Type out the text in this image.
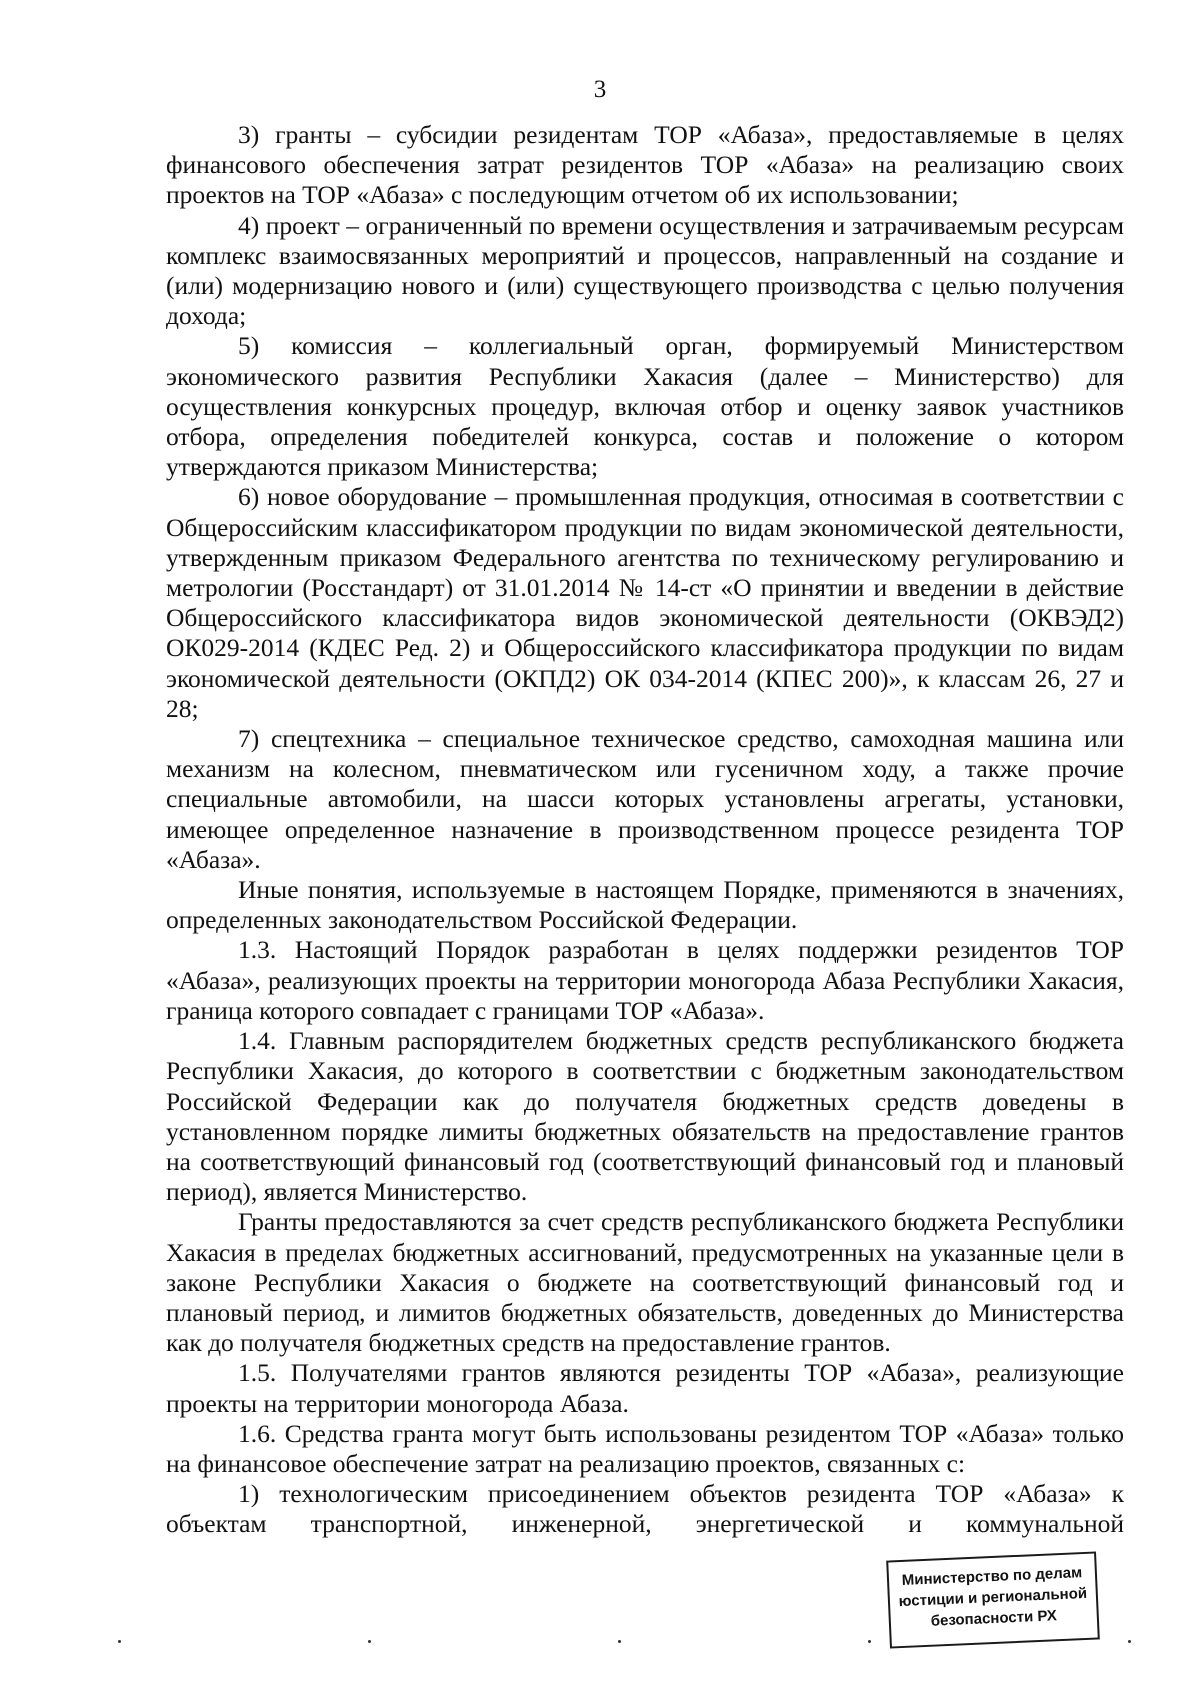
3

3) гранты – субсидии резидентам ТОР «Абаза», предоставляемые в целях финансового обеспечения затрат резидентов ТОР «Абаза» на реализацию своих проектов на ТОР «Абаза» с последующим отчетом об их использовании;

4) проект – ограниченный по времени осуществления и затрачиваемым ресурсам комплекс взаимосвязанных мероприятий и процессов, направленный на создание и (или) модернизацию нового и (или) существующего производства с целью получения дохода;

5) комиссия – коллегиальный орган, формируемый Министерством экономического развития Республики Хакасия (далее – Министерство) для осуществления конкурсных процедур, включая отбор и оценку заявок участников отбора, определения победителей конкурса, состав и положение о котором утверждаются приказом Министерства;

6) новое оборудование – промышленная продукция, относимая в соответствии с Общероссийским классификатором продукции по видам экономической деятельности, утвержденным приказом Федерального агентства по техническому регулированию и метрологии (Росстандарт) от 31.01.2014 № 14-ст «О принятии и введении в действие Общероссийского классификатора видов экономической деятельности (ОКВЭД2) ОК029-2014 (КДЕС Ред. 2) и Общероссийского классификатора продукции по видам экономической деятельности (ОКПД2) ОК 034-2014 (КПЕС 200)», к классам 26, 27 и 28;

7) спецтехника – специальное техническое средство, самоходная машина или механизм на колесном, пневматическом или гусеничном ходу, а также прочие специальные автомобили, на шасси которых установлены агрегаты, установки, имеющее определенное назначение в производственном процессе резидента ТОР «Абаза».

Иные понятия, используемые в настоящем Порядке, применяются в значениях, определенных законодательством Российской Федерации.

1.3. Настоящий Порядок разработан в целях поддержки резидентов ТОР «Абаза», реализующих проекты на территории моногорода Абаза Республики Хакасия, граница которого совпадает с границами ТОР «Абаза».

1.4. Главным распорядителем бюджетных средств республиканского бюджета Республики Хакасия, до которого в соответствии с бюджетным законодательством Российской Федерации как до получателя бюджетных средств доведены в установленном порядке лимиты бюджетных обязательств на предоставление грантов на соответствующий финансовый год (соответствующий финансовый год и плановый период), является Министерство.

Гранты предоставляются за счет средств республиканского бюджета Республики Хакасия в пределах бюджетных ассигнований, предусмотренных на указанные цели в законе Республики Хакасия о бюджете на соответствующий финансовый год и плановый период, и лимитов бюджетных обязательств, доведенных до Министерства как до получателя бюджетных средств на предоставление грантов.

1.5. Получателями грантов являются резиденты ТОР «Абаза», реализующие проекты на территории моногорода Абаза.

1.6. Средства гранта могут быть использованы резидентом ТОР «Абаза» только на финансовое обеспечение затрат на реализацию проектов, связанных с:

1) технологическим присоединением объектов резидента ТОР «Абаза» к объектам транспортной, инженерной, энергетической и коммунальной

Министерство по делам
юстиции и региональной
безопасности РХ
